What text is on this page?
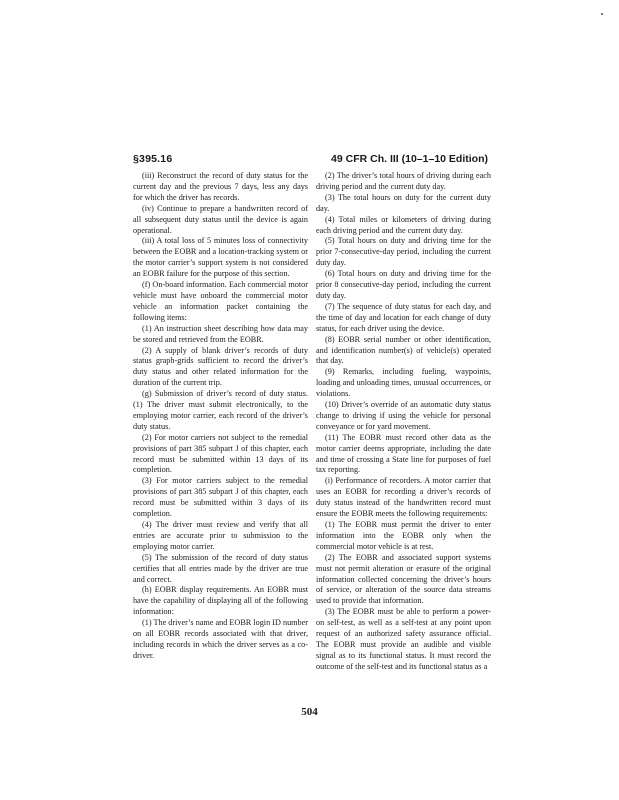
§395.16	49 CFR Ch. III (10–1–10 Edition)

(iii) Reconstruct the record of duty status for the current day and the previous 7 days, less any days for which the driver has records.

(iv) Continue to prepare a handwritten record of all subsequent duty status until the device is again operational.

(iii) A total loss of 5 minutes loss of connectivity between the EOBR and a location-tracking system or the motor carrier’s support system is not considered an EOBR failure for the purpose of this section.

(f) On-board information. Each commercial motor vehicle must have onboard the commercial motor vehicle an information packet containing the following items:

(1) An instruction sheet describing how data may be stored and retrieved from the EOBR.

(2) A supply of blank driver’s records of duty status graph-grids sufficient to record the driver’s duty status and other related information for the duration of the current trip.

(g) Submission of driver’s record of duty status. (1) The driver must submit electronically, to the employing motor carrier, each record of the driver’s duty status.

(2) For motor carriers not subject to the remedial provisions of part 385 subpart J of this chapter, each record must be submitted within 13 days of its completion.

(3) For motor carriers subject to the remedial provisions of part 385 subpart J of this chapter, each record must be submitted within 3 days of its completion.

(4) The driver must review and verify that all entries are accurate prior to submission to the employing motor carrier.

(5) The submission of the record of duty status certifies that all entries made by the driver are true and correct.

(h) EOBR display requirements. An EOBR must have the capability of displaying all of the following information:

(1) The driver’s name and EOBR login ID number on all EOBR records associated with that driver, including records in which the driver serves as a co-driver.

(2) The driver’s total hours of driving during each driving period and the current duty day.

(3) The total hours on duty for the current duty day.

(4) Total miles or kilometers of driving during each driving period and the current duty day.

(5) Total hours on duty and driving time for the prior 7-consecutive-day period, including the current duty day.

(6) Total hours on duty and driving time for the prior 8 consecutive-day period, including the current duty day.

(7) The sequence of duty status for each day, and the time of day and location for each change of duty status, for each driver using the device.

(8) EOBR serial number or other identification, and identification number(s) of vehicle(s) operated that day.

(9) Remarks, including fueling, waypoints, loading and unloading times, unusual occurrences, or violations.

(10) Driver’s override of an automatic duty status change to driving if using the vehicle for personal conveyance or for yard movement.

(11) The EOBR must record other data as the motor carrier deems appropriate, including the date and time of crossing a State line for purposes of fuel tax reporting.

(i) Performance of recorders. A motor carrier that uses an EOBR for recording a driver’s records of duty status instead of the handwritten record must ensure the EOBR meets the following requirements:

(1) The EOBR must permit the driver to enter information into the EOBR only when the commercial motor vehicle is at rest.

(2) The EOBR and associated support systems must not permit alteration or erasure of the original information collected concerning the driver’s hours of service, or alteration of the source data streams used to provide that information.

(3) The EOBR must be able to perform a power-on self-test, as well as a self-test at any point upon request of an authorized safety assurance official. The EOBR must provide an audible and visible signal as to its functional status. It must record the outcome of the self-test and its functional status as a

504
